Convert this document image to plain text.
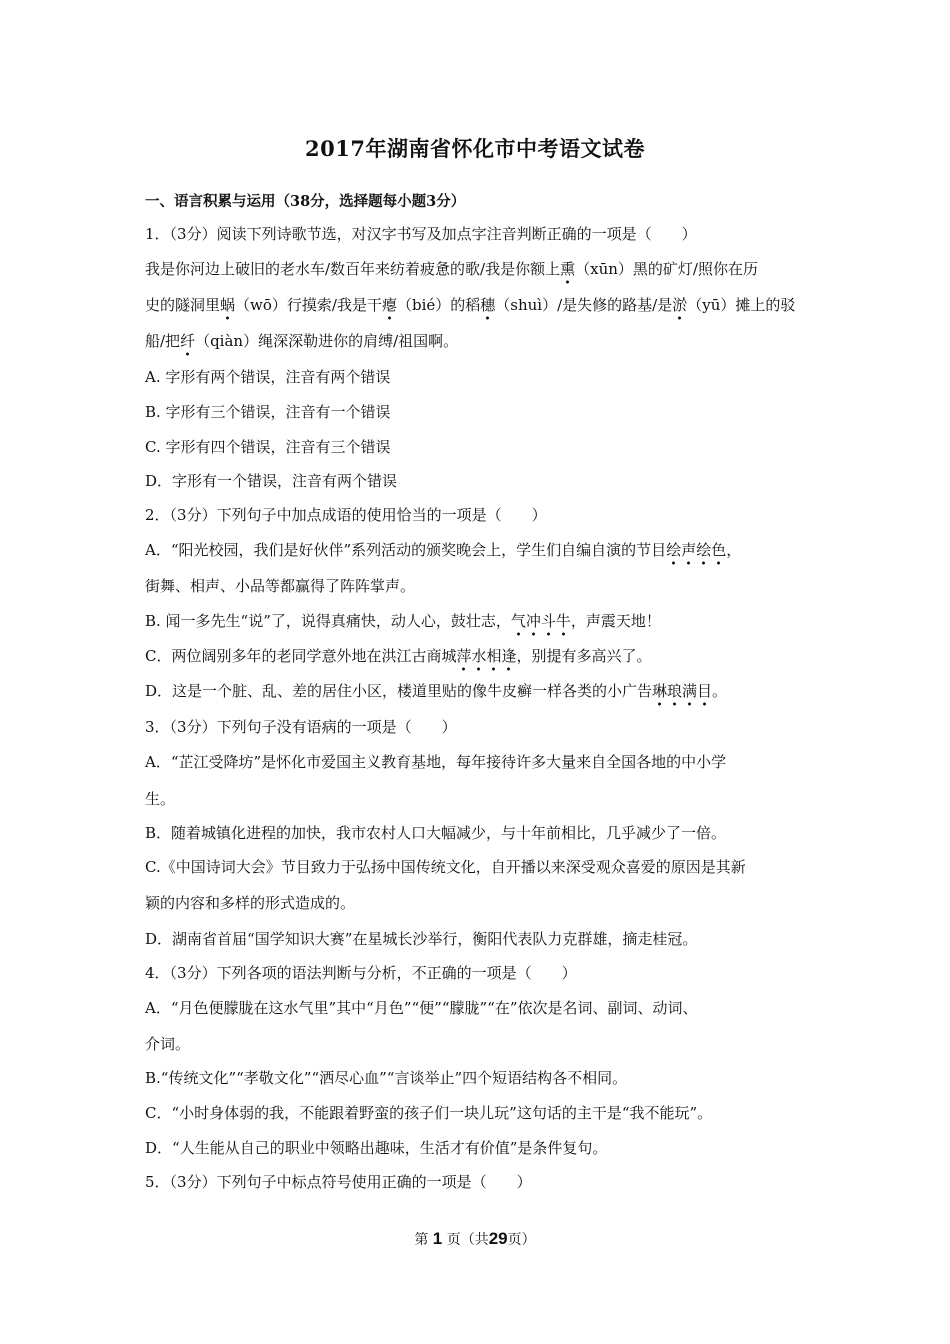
2017年湖南省怀化市中考语文试卷
一、语言积累与运用（38分，选择题每小题3分）
1．（3分）阅读下列诗歌节选，对汉字书写及加点字注音判断正确的一项是（　　）
我是你河边上破旧的老水车/数百年来纺着疲惫的歌/我是你额上熏（xūn）黑的矿灯/照你在历
史的隧洞里蜗（wō）行摸索/我是干瘪（bié）的稻穗（shuì）/是失修的路基/是淤（yū）摊上的驳
船/把纤（qiàn）绳深深勒进你的肩缚/祖国啊。
A. 字形有两个错误，注音有两个错误
B. 字形有三个错误，注音有一个错误
C. 字形有四个错误，注音有三个错误
D．字形有一个错误，注音有两个错误
2．（3分）下列句子中加点成语的使用恰当的一项是（　　）
A．“阳光校园，我们是好伙伴”系列活动的颁奖晚会上，学生们自编自演的节目绘声绘色，
街舞、相声、小品等都赢得了阵阵掌声。
B. 闻一多先生“说”了，说得真痛快，动人心，鼓壮志，气冲斗牛，声震天地！
C．两位阔别多年的老同学意外地在洪江古商城萍水相逢，别提有多高兴了。
D．这是一个脏、乱、差的居住小区，楼道里贴的像牛皮癣一样各类的小广告琳琅满目。
3．（3分）下列句子没有语病的一项是（　　）
A．“芷江受降坊”是怀化市爱国主义教育基地，每年接待许多大量来自全国各地的中小学
生。
B．随着城镇化进程的加快，我市农村人口大幅减少，与十年前相比，几乎减少了一倍。
C.《中国诗词大会》节目致力于弘扬中国传统文化，自开播以来深受观众喜爱的原因是其新
颖的内容和多样的形式造成的。
D．湖南省首届“国学知识大赛”在星城长沙举行，衡阳代表队力克群雄，摘走桂冠。
4．（3分）下列各项的语法判断与分析，不正确的一项是（　　）
A．“月色便朦胧在这水气里”其中“月色”“便”“朦胧”“在”依次是名词、副词、动词、
介词。
B.“传统文化”“孝敬文化”“洒尽心血”“言谈举止”四个短语结构各不相同。
C．“小时身体弱的我，不能跟着野蛮的孩子们一块儿玩”这句话的主干是“我不能玩”。
D．“人生能从自己的职业中领略出趣味，生活才有价值”是条件复句。
5．（3分）下列句子中标点符号使用正确的一项是（　　）
第 1 页（共29页）
